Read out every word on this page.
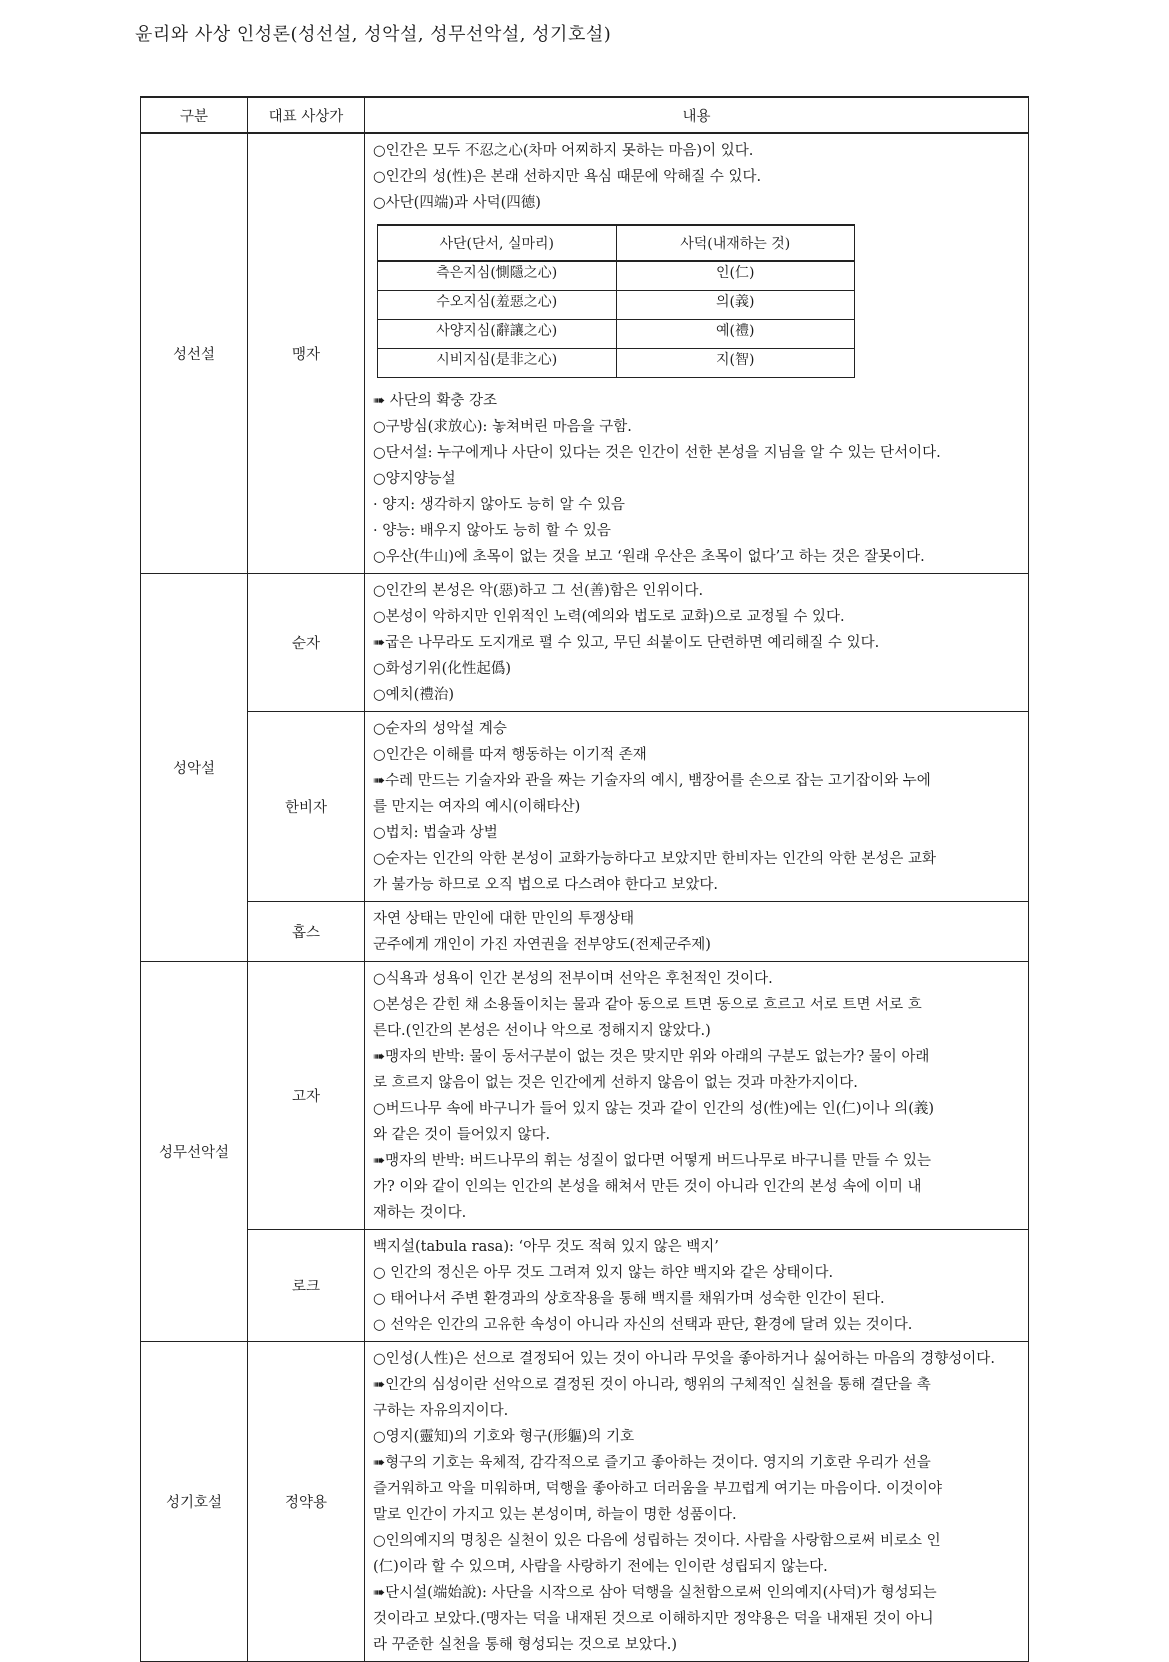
윤리와 사상 인성론(성선설, 성악설, 성무선악설, 성기호설)
구분	대표 사상가	내용
성선설	맹자	
○인간은 모두 不忍之心(차마 어찌하지 못하는 마음)이 있다.
○인간의 성(性)은 본래 선하지만 욕심 때문에 악해질 수 있다.
○사단(四端)과 사덕(四德)
사단(단서, 실마리)	사덕(내재하는 것)
측은지심(惻隱之心)	인(仁)
수오지심(羞惡之心)	의(義)
사양지심(辭讓之心)	예(禮)
시비지심(是非之心)	지(智)
➠ 사단의 확충 강조
○구방심(求放心): 놓쳐버린 마음을 구함.
○단서설: 누구에게나 사단이 있다는 것은 인간이 선한 본성을 지님을 알 수 있는 단서이다.
○양지양능설
· 양지: 생각하지 않아도 능히 알 수 있음
· 양능: 배우지 않아도 능히 할 수 있음
○우산(牛山)에 초목이 없는 것을 보고 ‘원래 우산은 초목이 없다’고 하는 것은 잘못이다.

성악설	순자	
○인간의 본성은 악(惡)하고 그 선(善)함은 인위이다.
○본성이 악하지만 인위적인 노력(예의와 법도로 교화)으로 교정될 수 있다.
➠굽은 나무라도 도지개로 펼 수 있고, 무딘 쇠붙이도 단련하면 예리해질 수 있다.
○화성기위(化性起僞)
○예치(禮治)

한비자	
○순자의 성악설 계승
○인간은 이해를 따져 행동하는 이기적 존재
➠수레 만드는 기술자와 관을 짜는 기술자의 예시, 뱀장어를 손으로 잡는 고기잡이와 누에
를 만지는 여자의 예시(이해타산)
○법치: 법술과 상벌
○순자는 인간의 악한 본성이 교화가능하다고 보았지만 한비자는 인간의 악한 본성은 교화
가 불가능 하므로 오직 법으로 다스려야 한다고 보았다.

홉스	
자연 상태는 만인에 대한 만인의 투쟁상태
군주에게 개인이 가진 자연권을 전부양도(전제군주제)

성무선악설	고자	
○식욕과 성욕이 인간 본성의 전부이며 선악은 후천적인 것이다.
○본성은 갇힌 채 소용돌이치는 물과 같아 동으로 트면 동으로 흐르고 서로 트면 서로 흐
른다.(인간의 본성은 선이나 악으로 정해지지 않았다.)
➠맹자의 반박: 물이 동서구분이 없는 것은 맞지만 위와 아래의 구분도 없는가? 물이 아래
로 흐르지 않음이 없는 것은 인간에게 선하지 않음이 없는 것과 마찬가지이다.
○버드나무 속에 바구니가 들어 있지 않는 것과 같이 인간의 성(性)에는 인(仁)이나 의(義)
와 같은 것이 들어있지 않다.
➠맹자의 반박: 버드나무의 휘는 성질이 없다면 어떻게 버드나무로 바구니를 만들 수 있는
가? 이와 같이 인의는 인간의 본성을 해쳐서 만든 것이 아니라 인간의 본성 속에 이미 내
재하는 것이다.

로크	
백지설(tabula rasa): ‘아무 것도 적혀 있지 않은 백지’
○ 인간의 정신은 아무 것도 그려져 있지 않는 하얀 백지와 같은 상태이다.
○ 태어나서 주변 환경과의 상호작용을 통해 백지를 채워가며 성숙한 인간이 된다.
○ 선악은 인간의 고유한 속성이 아니라 자신의 선택과 판단, 환경에 달려 있는 것이다.

성기호설	정약용	
○인성(人性)은 선으로 결정되어 있는 것이 아니라 무엇을 좋아하거나 싫어하는 마음의 경향성이다.
➠인간의 심성이란 선악으로 결정된 것이 아니라, 행위의 구체적인 실천을 통해 결단을 촉
구하는 자유의지이다.
○영지(靈知)의 기호와 형구(形軀)의 기호
➠형구의 기호는 육체적, 감각적으로 즐기고 좋아하는 것이다. 영지의 기호란 우리가 선을
즐거워하고 악을 미워하며, 덕행을 좋아하고 더러움을 부끄럽게 여기는 마음이다. 이것이야
말로 인간이 가지고 있는 본성이며, 하늘이 명한 성품이다.
○인의예지의 명칭은 실천이 있은 다음에 성립하는 것이다. 사람을 사랑함으로써 비로소 인
(仁)이라 할 수 있으며, 사람을 사랑하기 전에는 인이란 성립되지 않는다.
➠단시설(端始說): 사단을 시작으로 삼아 덕행을 실천함으로써 인의예지(사덕)가 형성되는
것이라고 보았다.(맹자는 덕을 내재된 것으로 이해하지만 정약용은 덕을 내재된 것이 아니
라 꾸준한 실천을 통해 형성되는 것으로 보았다.)
